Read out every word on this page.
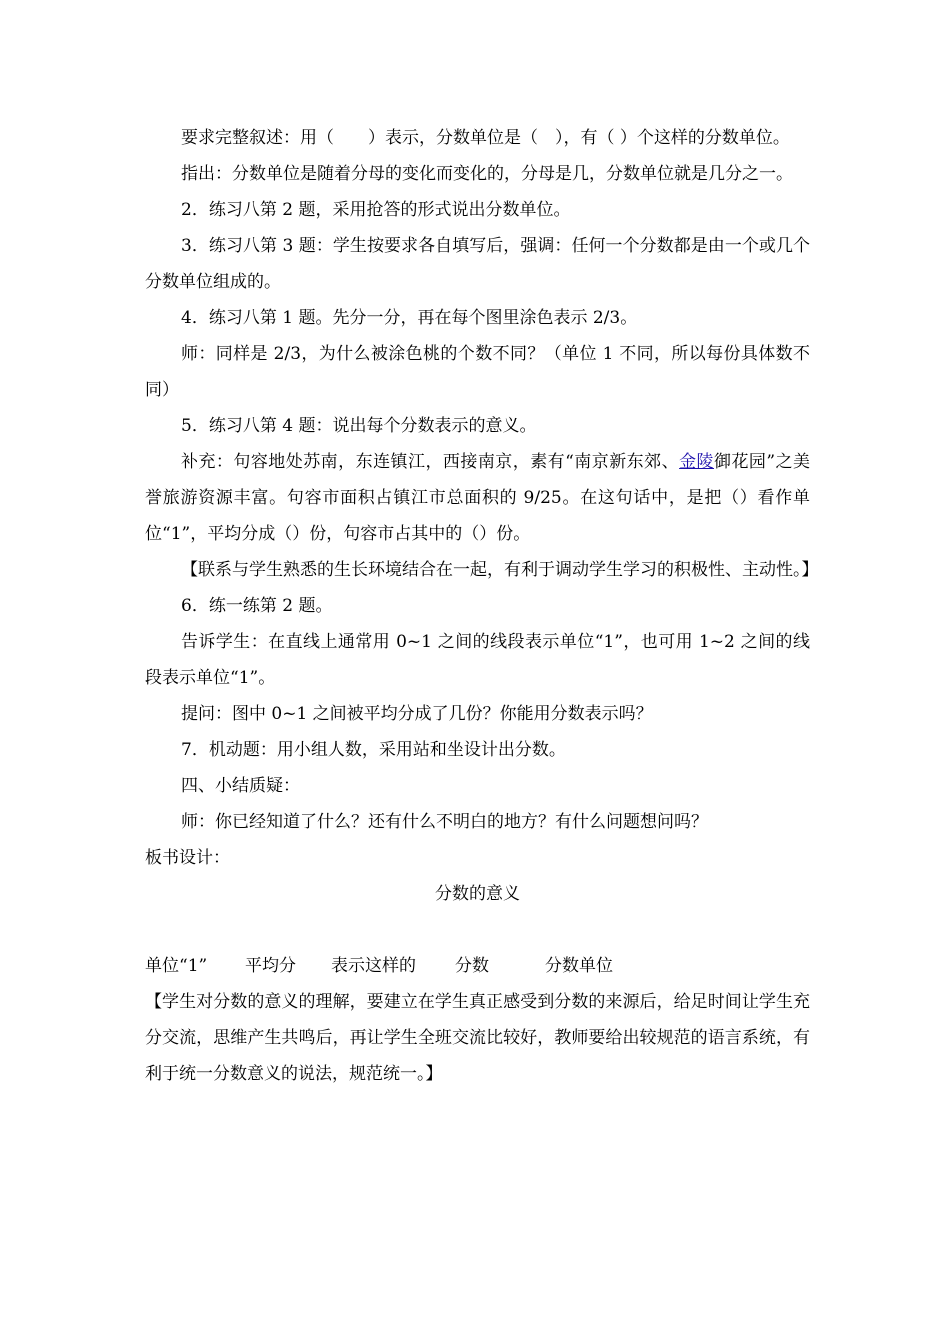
要求完整叙述：用（　　）表示，分数单位是（　），有（ ）个这样的分数单位。

指出：分数单位是随着分母的变化而变化的，分母是几，分数单位就是几分之一。

2．练习八第 2 题，采用抢答的形式说出分数单位。

3．练习八第 3 题：学生按要求各自填写后，强调：任何一个分数都是由一个或几个分数单位组成的。

4．练习八第 1 题。先分一分，再在每个图里涂色表示 2/3。

师：同样是 2/3，为什么被涂色桃的个数不同？（单位 1 不同，所以每份具体数不同）

5．练习八第 4 题：说出每个分数表示的意义。

补充：句容地处苏南，东连镇江，西接南京，素有“南京新东郊、金陵御花园”之美誉旅游资源丰富。句容市面积占镇江市总面积的 9/25。在这句话中，是把（）看作单位“1”，平均分成（）份，句容市占其中的（）份。

【联系与学生熟悉的生长环境结合在一起，有利于调动学生学习的积极性、主动性。】

6．练一练第 2 题。

告诉学生：在直线上通常用 0~1 之间的线段表示单位“1”，也可用 1~2 之间的线段表示单位“1”。

提问：图中 0~1 之间被平均分成了几份？你能用分数表示吗？

7．机动题：用小组人数，采用站和坐设计出分数。

四、小结质疑：

师：你已经知道了什么？还有什么不明白的地方？有什么问题想问吗？

板书设计：

分数的意义

单位“1”	平均分	表示这样的	分数	分数单位

【学生对分数的意义的理解，要建立在学生真正感受到分数的来源后，给足时间让学生充分交流，思维产生共鸣后，再让学生全班交流比较好，教师要给出较规范的语言系统，有利于统一分数意义的说法，规范统一。】
